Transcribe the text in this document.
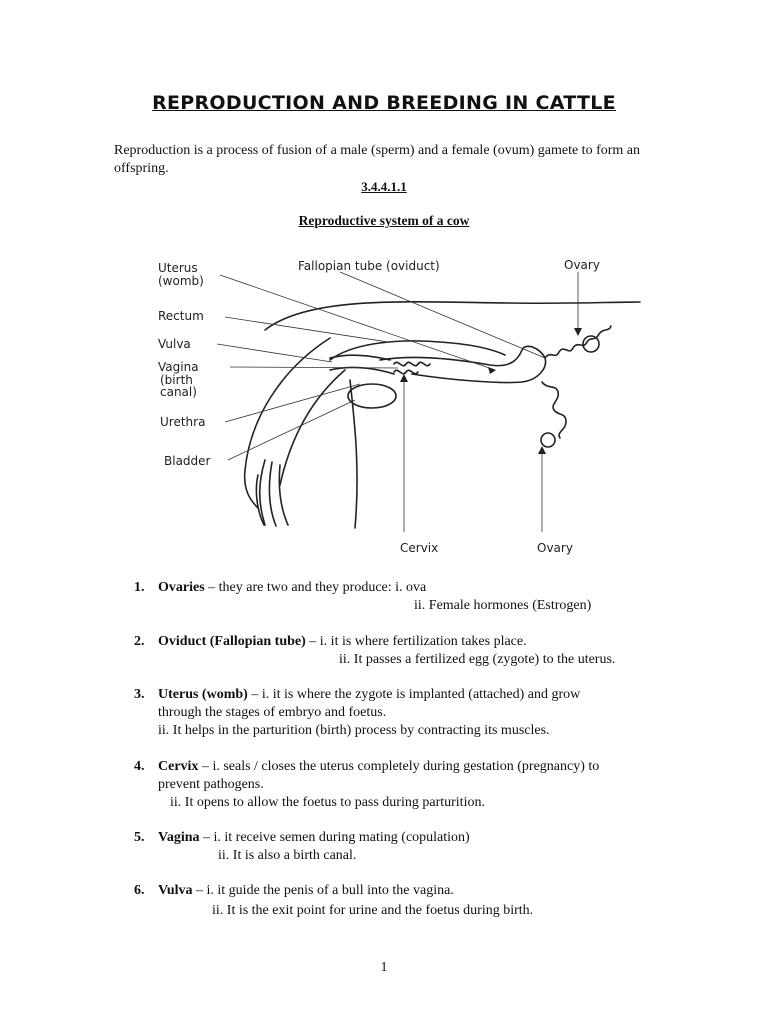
REPRODUCTION AND BREEDING IN CATTLE

Reproduction is a process of fusion of a male (sperm) and a female (ovum) gamete to form an offspring.

3.4.4.1.1
Reproductive system of a cow
Uterus
(womb)
Fallopian tube (oviduct)	Ovary
Rectum
Vulva
Vagina
(birth
canal)
Urethra
Bladder
Cervix	Ovary
1. Ovaries – they are two and they produce: i. ova
ii. Female hormones (Estrogen)
2. Oviduct (Fallopian tube) – i. it is where fertilization takes place.
ii. It passes a fertilized egg (zygote) to the uterus.
3. Uterus (womb) – i. it is where the zygote is implanted (attached) and grow
through the stages of embryo and foetus.
ii. It helps in the parturition (birth) process by contracting its muscles.
4. Cervix – i. seals / closes the uterus completely during gestation (pregnancy) to
prevent pathogens.
ii. It opens to allow the foetus to pass during parturition.
5. Vagina – i. it receive semen during mating (copulation)
ii. It is also a birth canal.
6. Vulva – i. it guide the penis of a bull into the vagina.
ii. It is the exit point for urine and the foetus during birth.
1
